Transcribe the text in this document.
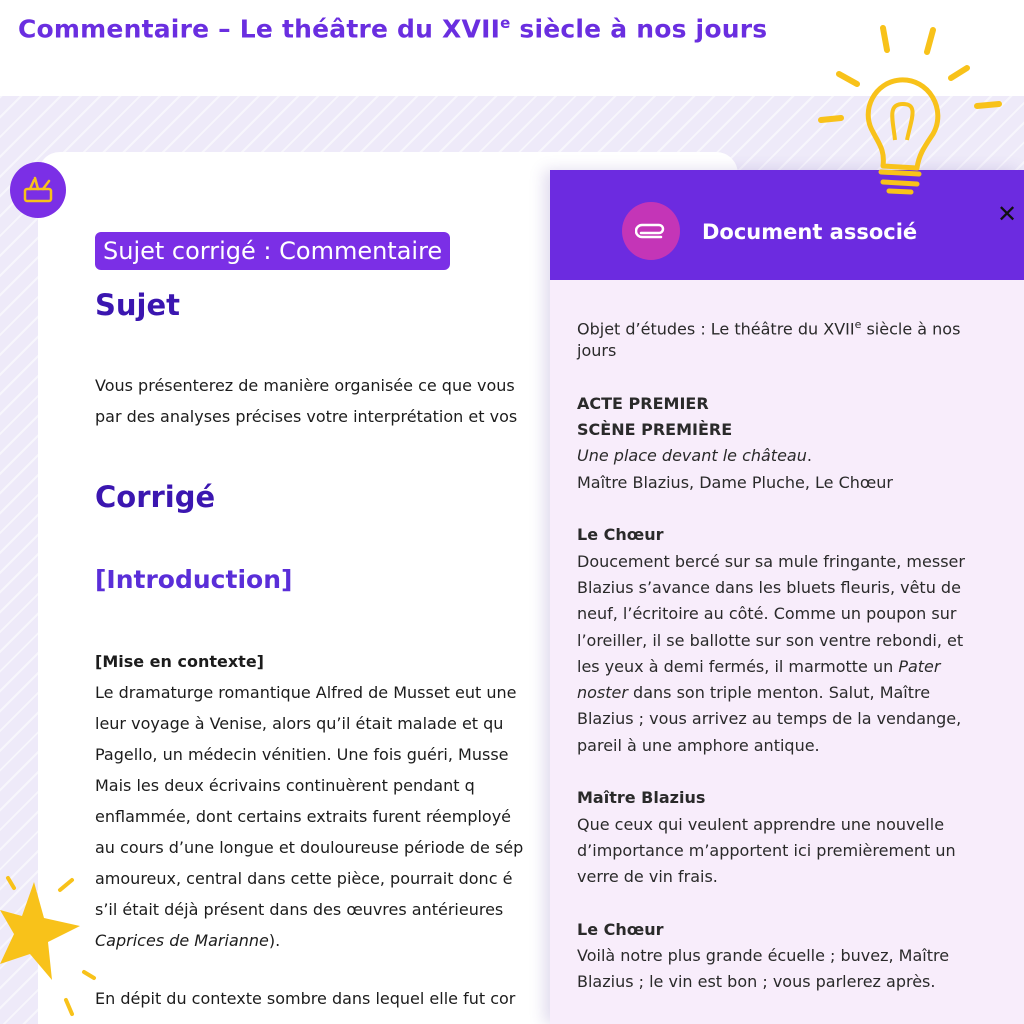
Commentaire – Le théâtre du XVIIe siècle à nos jours
Sujet corrigé : Commentaire
Sujet
Vous présenterez de manière organisée ce que vous
par des analyses précises votre interprétation et vos
Corrigé
[Introduction]
[Mise en contexte]
Le dramaturge romantique Alfred de Musset eut une
leur voyage à Venise, alors qu’il était malade et qu
Pagello, un médecin vénitien. Une fois guéri, Musse
Mais les deux écrivains continuèrent pendant q
enflammée, dont certains extraits furent réemployé
au cours d’une longue et douloureuse période de sép
amoureux, central dans cette pièce, pourrait donc é
s’il était déjà présent dans des œuvres antérieures
Caprices de Marianne).
En dépit du contexte sombre dans lequel elle fut cor
Document associé
✕
Objet d’études : Le théâtre du XVIIe siècle à nos
jours
ACTE PREMIER
SCÈNE PREMIÈRE
Une place devant le château.
Maître Blazius, Dame Pluche, Le Chœur
Le Chœur
Doucement bercé sur sa mule fringante, messer
Blazius s’avance dans les bluets fleuris, vêtu de
neuf, l’écritoire au côté. Comme un poupon sur
l’oreiller, il se ballotte sur son ventre rebondi, et
les yeux à demi fermés, il marmotte un Pater
noster dans son triple menton. Salut, Maître
Blazius ; vous arrivez au temps de la vendange,
pareil à une amphore antique.
Maître Blazius
Que ceux qui veulent apprendre une nouvelle
d’importance m’apportent ici premièrement un
verre de vin frais.
Le Chœur
Voilà notre plus grande écuelle ; buvez, Maître
Blazius ; le vin est bon ; vous parlerez après.
